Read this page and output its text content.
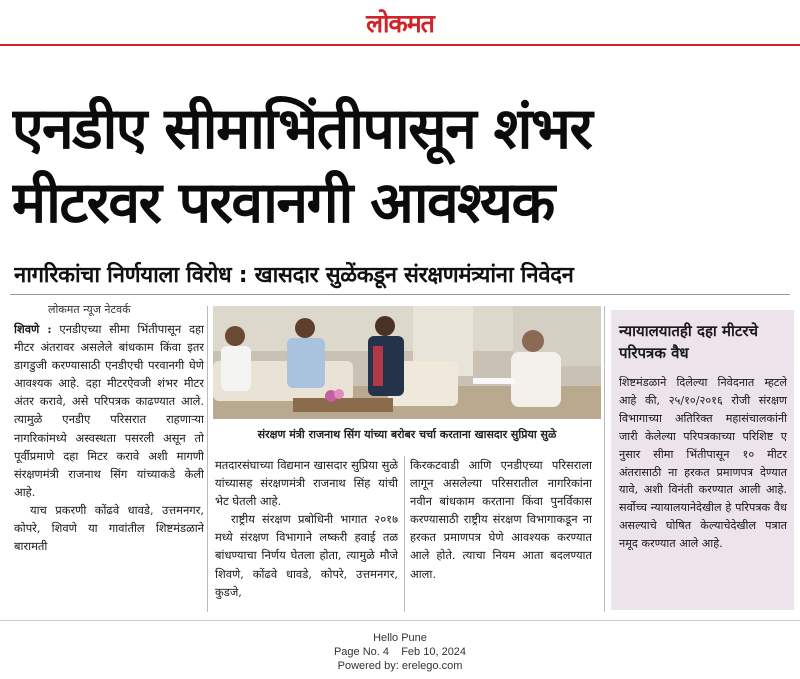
लोकमत
एनडीए सीमाभिंतीपासून शंभर
मीटरवर परवानगी आवश्यक
नागरिकांचा निर्णयाला विरोध : खासदार सुळेंकडून संरक्षणमंत्र्यांना निवेदन
लोकमत न्यूज नेटवर्क

शिवणे : एनडीएच्या सीमा भिंतीपासून दहा मीटर अंतरावर असलेले बांधकाम किंवा इतर डागडुजी करण्यासाठी एनडीएची परवानगी घेणे आवश्यक आहे. दहा मीटरऐवजी शंभर मीटर अंतर करावे, असे परिपत्रक काढण्यात आले. त्यामुळे एनडीए परिसरात राहणाऱ्या नागरिकांमध्ये अस्वस्थता पसरली असून तो पूर्वीप्रमाणे दहा मिटर करावे अशी मागणी संरक्षणमंत्री राजनाथ सिंग यांच्याकडे केली आहे.

याच प्रकरणी कोंढवे धावडे, उत्तमनगर, कोपरे, शिवणे या गावांतील शिष्टमंडळाने बारामती

संरक्षण मंत्री राजनाथ सिंग यांच्या बरोबर चर्चा करताना खासदार सुप्रिया सुळे

मतदारसंघाच्या विद्यमान खासदार सुप्रिया सुळे यांच्यासह संरक्षणमंत्री राजनाथ सिंह यांची भेट घेतली आहे.

राष्ट्रीय संरक्षण प्रबोधिनी भागात २०१७ मध्ये संरक्षण विभागाने लष्करी हवाई तळ बांधण्याचा निर्णय घेतला होता, त्यामुळे मौजे शिवणे, कोंढवे धावडे, कोपरे, उत्तमनगर, कुडजे,

किरकटवाडी आणि एनडीएच्या परिसराला लागून असलेल्या परिसरातील नागरिकांना नवीन बांधकाम करताना किंवा पुनर्विकास करण्यासाठी राष्ट्रीय संरक्षण विभागाकडून ना हरकत प्रमाणपत्र घेणे आवश्यक करण्यात आले होते. त्याचा नियम आता बदलण्यात आला.

न्यायालयातही दहा मीटरचे परिपत्रक वैध

शिष्टमंडळाने दिलेल्या निवेदनात म्हटले आहे की, २५/१०/२०१६ रोजी संरक्षण विभागाच्या अतिरिक्त महासंचालकांनी जारी केलेल्या परिपत्रकाच्या परिशिष्ट ए नुसार सीमा भिंतीपासून १० मीटर अंतरासाठी ना हरकत प्रमाणपत्र देण्यात यावे, अशी विनंती करण्यात आली आहे. सर्वोच्च न्यायालयानेदेखील हे परिपत्रक वैध असल्याचे घोषित केल्याचेदेखील पत्रात नमूद करण्यात आले आहे.

Hello Pune
Page No. 4    Feb 10, 2024
Powered by: erelego.com
